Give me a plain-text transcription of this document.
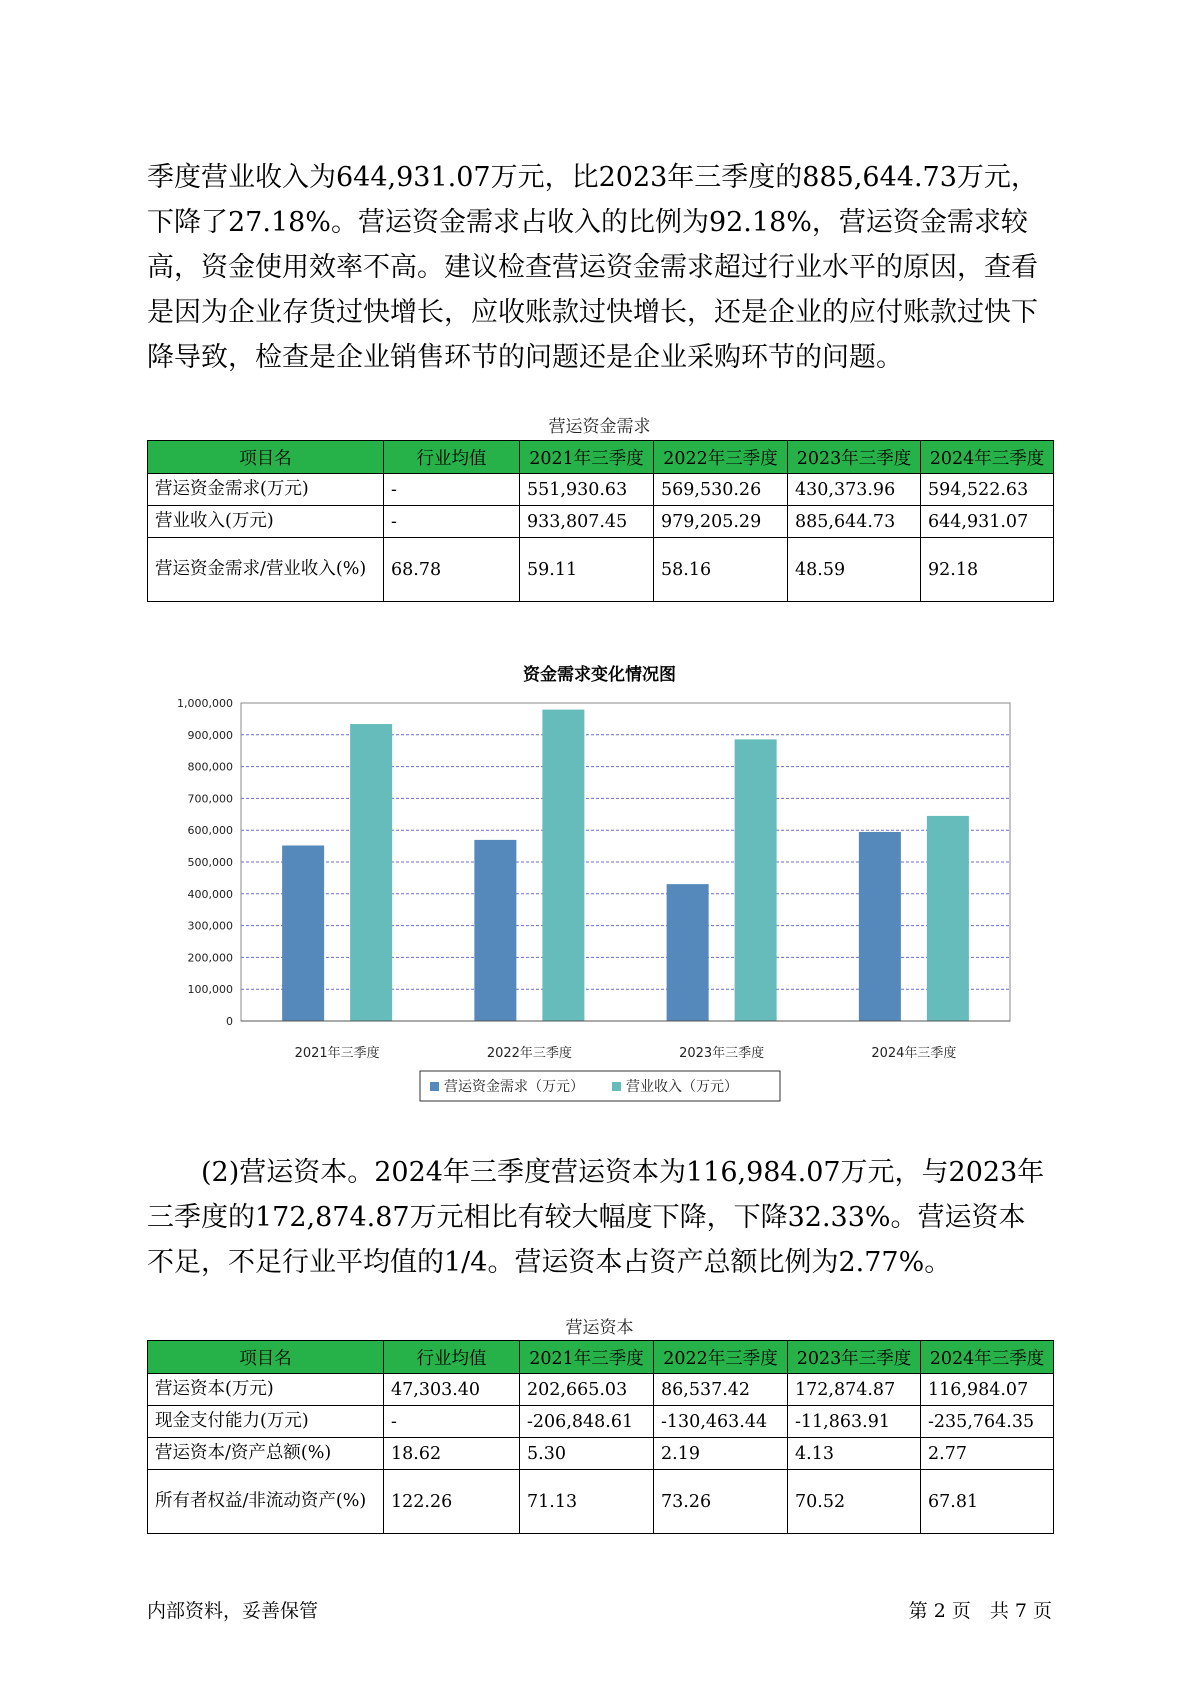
季度营业收入为644,931.07万元，比2023年三季度的885,644.73万元，下降了27.18%。营运资金需求占收入的比例为92.18%，营运资金需求较高，资金使用效率不高。建议检查营运资金需求超过行业水平的原因，查看是因为企业存货过快增长，应收账款过快增长，还是企业的应付账款过快下降导致，检查是企业销售环节的问题还是企业采购环节的问题。

营运资金需求
项目名	行业均值	2021年三季度	2022年三季度	2023年三季度	2024年三季度
营运资金需求(万元)	-	551,930.63	569,530.26	430,373.96	594,522.63
营业收入(万元)	-	933,807.45	979,205.29	885,644.73	644,931.07
营运资金需求/营业收入(%)	68.78	59.11	58.16	48.59	92.18
资金需求变化情况图
0
100,000
200,000
300,000
400,000
500,000
600,000
700,000
800,000
900,000
1,000,000
2021年三季度	2022年三季度	2023年三季度	2024年三季度
营运资金需求（万元）	营业收入（万元）

(2)营运资本。2024年三季度营运资本为116,984.07万元，与2023年三季度的172,874.87万元相比有较大幅度下降，下降32.33%。营运资本不足，不足行业平均值的1/4。营运资本占资产总额比例为2.77%。

营运资本
项目名	行业均值	2021年三季度	2022年三季度	2023年三季度	2024年三季度
营运资本(万元)	47,303.40	202,665.03	86,537.42	172,874.87	116,984.07
现金支付能力(万元)	-	-206,848.61	-130,463.44	-11,863.91	-235,764.35
营运资本/资产总额(%)	18.62	5.30	2.19	4.13	2.77
所有者权益/非流动资产(%)	122.26	71.13	73.26	70.52	67.81
内部资料，妥善保管	第 2 页　共 7 页
